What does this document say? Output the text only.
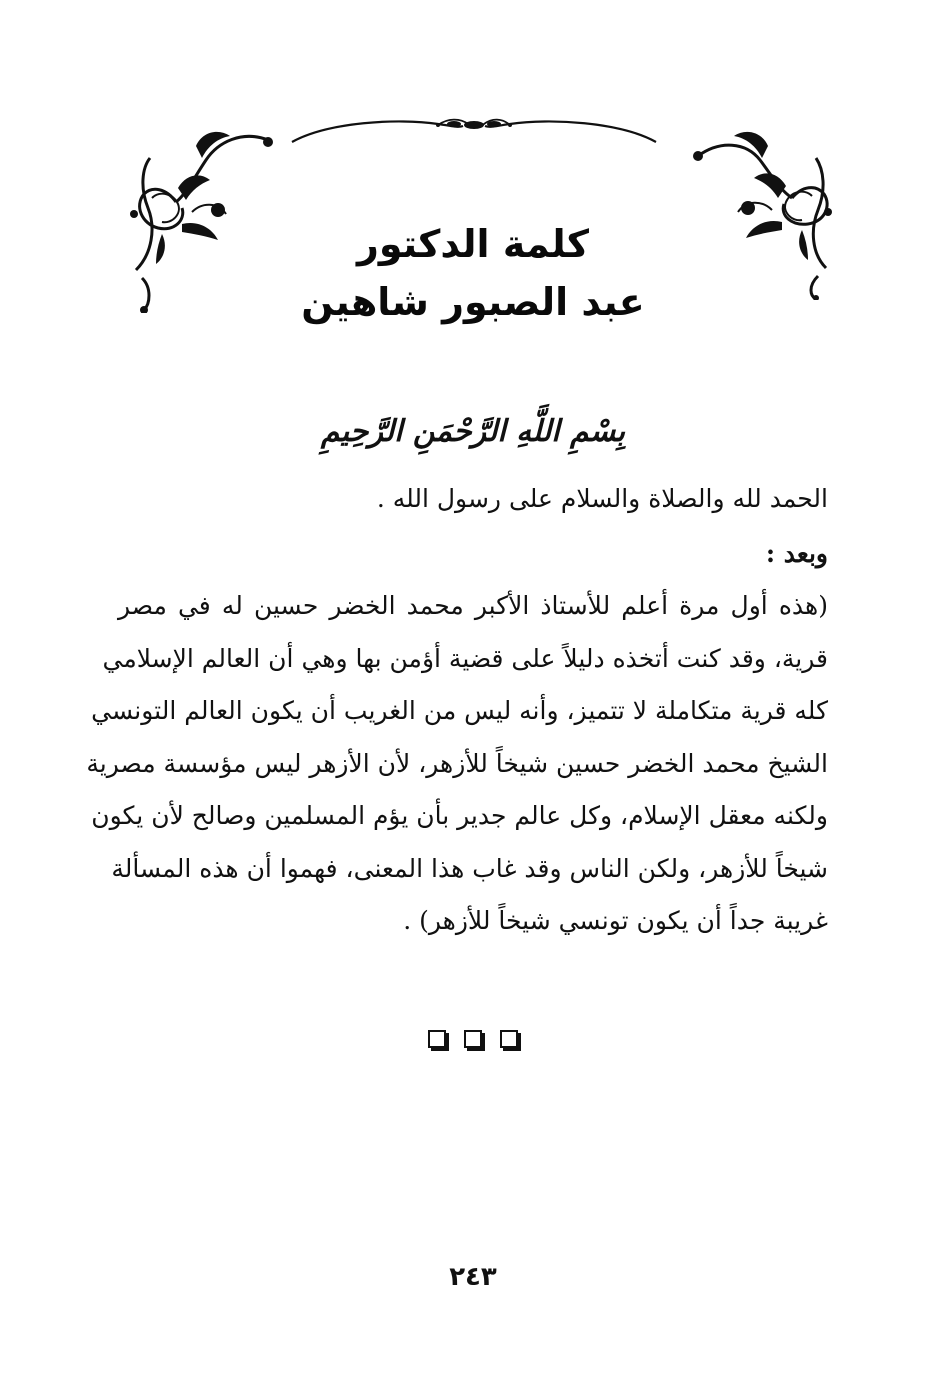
كلمة الدكتور
عبد الصبور شاهين
بِسْمِ اللَّهِ الرَّحْمَنِ الرَّحِيمِ
الحمد لله والصلاة والسلام على رسول الله .
وبعد :
(هذه أول مرة أعلم للأستاذ الأكبر محمد الخضر حسين له في مصر
قرية، وقد كنت أتخذه دليلاً على قضية أؤمن بها وهي أن العالم الإسلامي
كله قرية متكاملة لا تتميز، وأنه ليس من الغريب أن يكون العالم التونسي
الشيخ محمد الخضر حسين شيخاً للأزهر، لأن الأزهر ليس مؤسسة مصرية
ولكنه معقل الإسلام، وكل عالم جدير بأن يؤم المسلمين وصالح لأن يكون
شيخاً للأزهر، ولكن الناس وقد غاب هذا المعنى، فهموا أن هذه المسألة
غريبة جداً أن يكون تونسي شيخاً للأزهر) .
٢٤٣
